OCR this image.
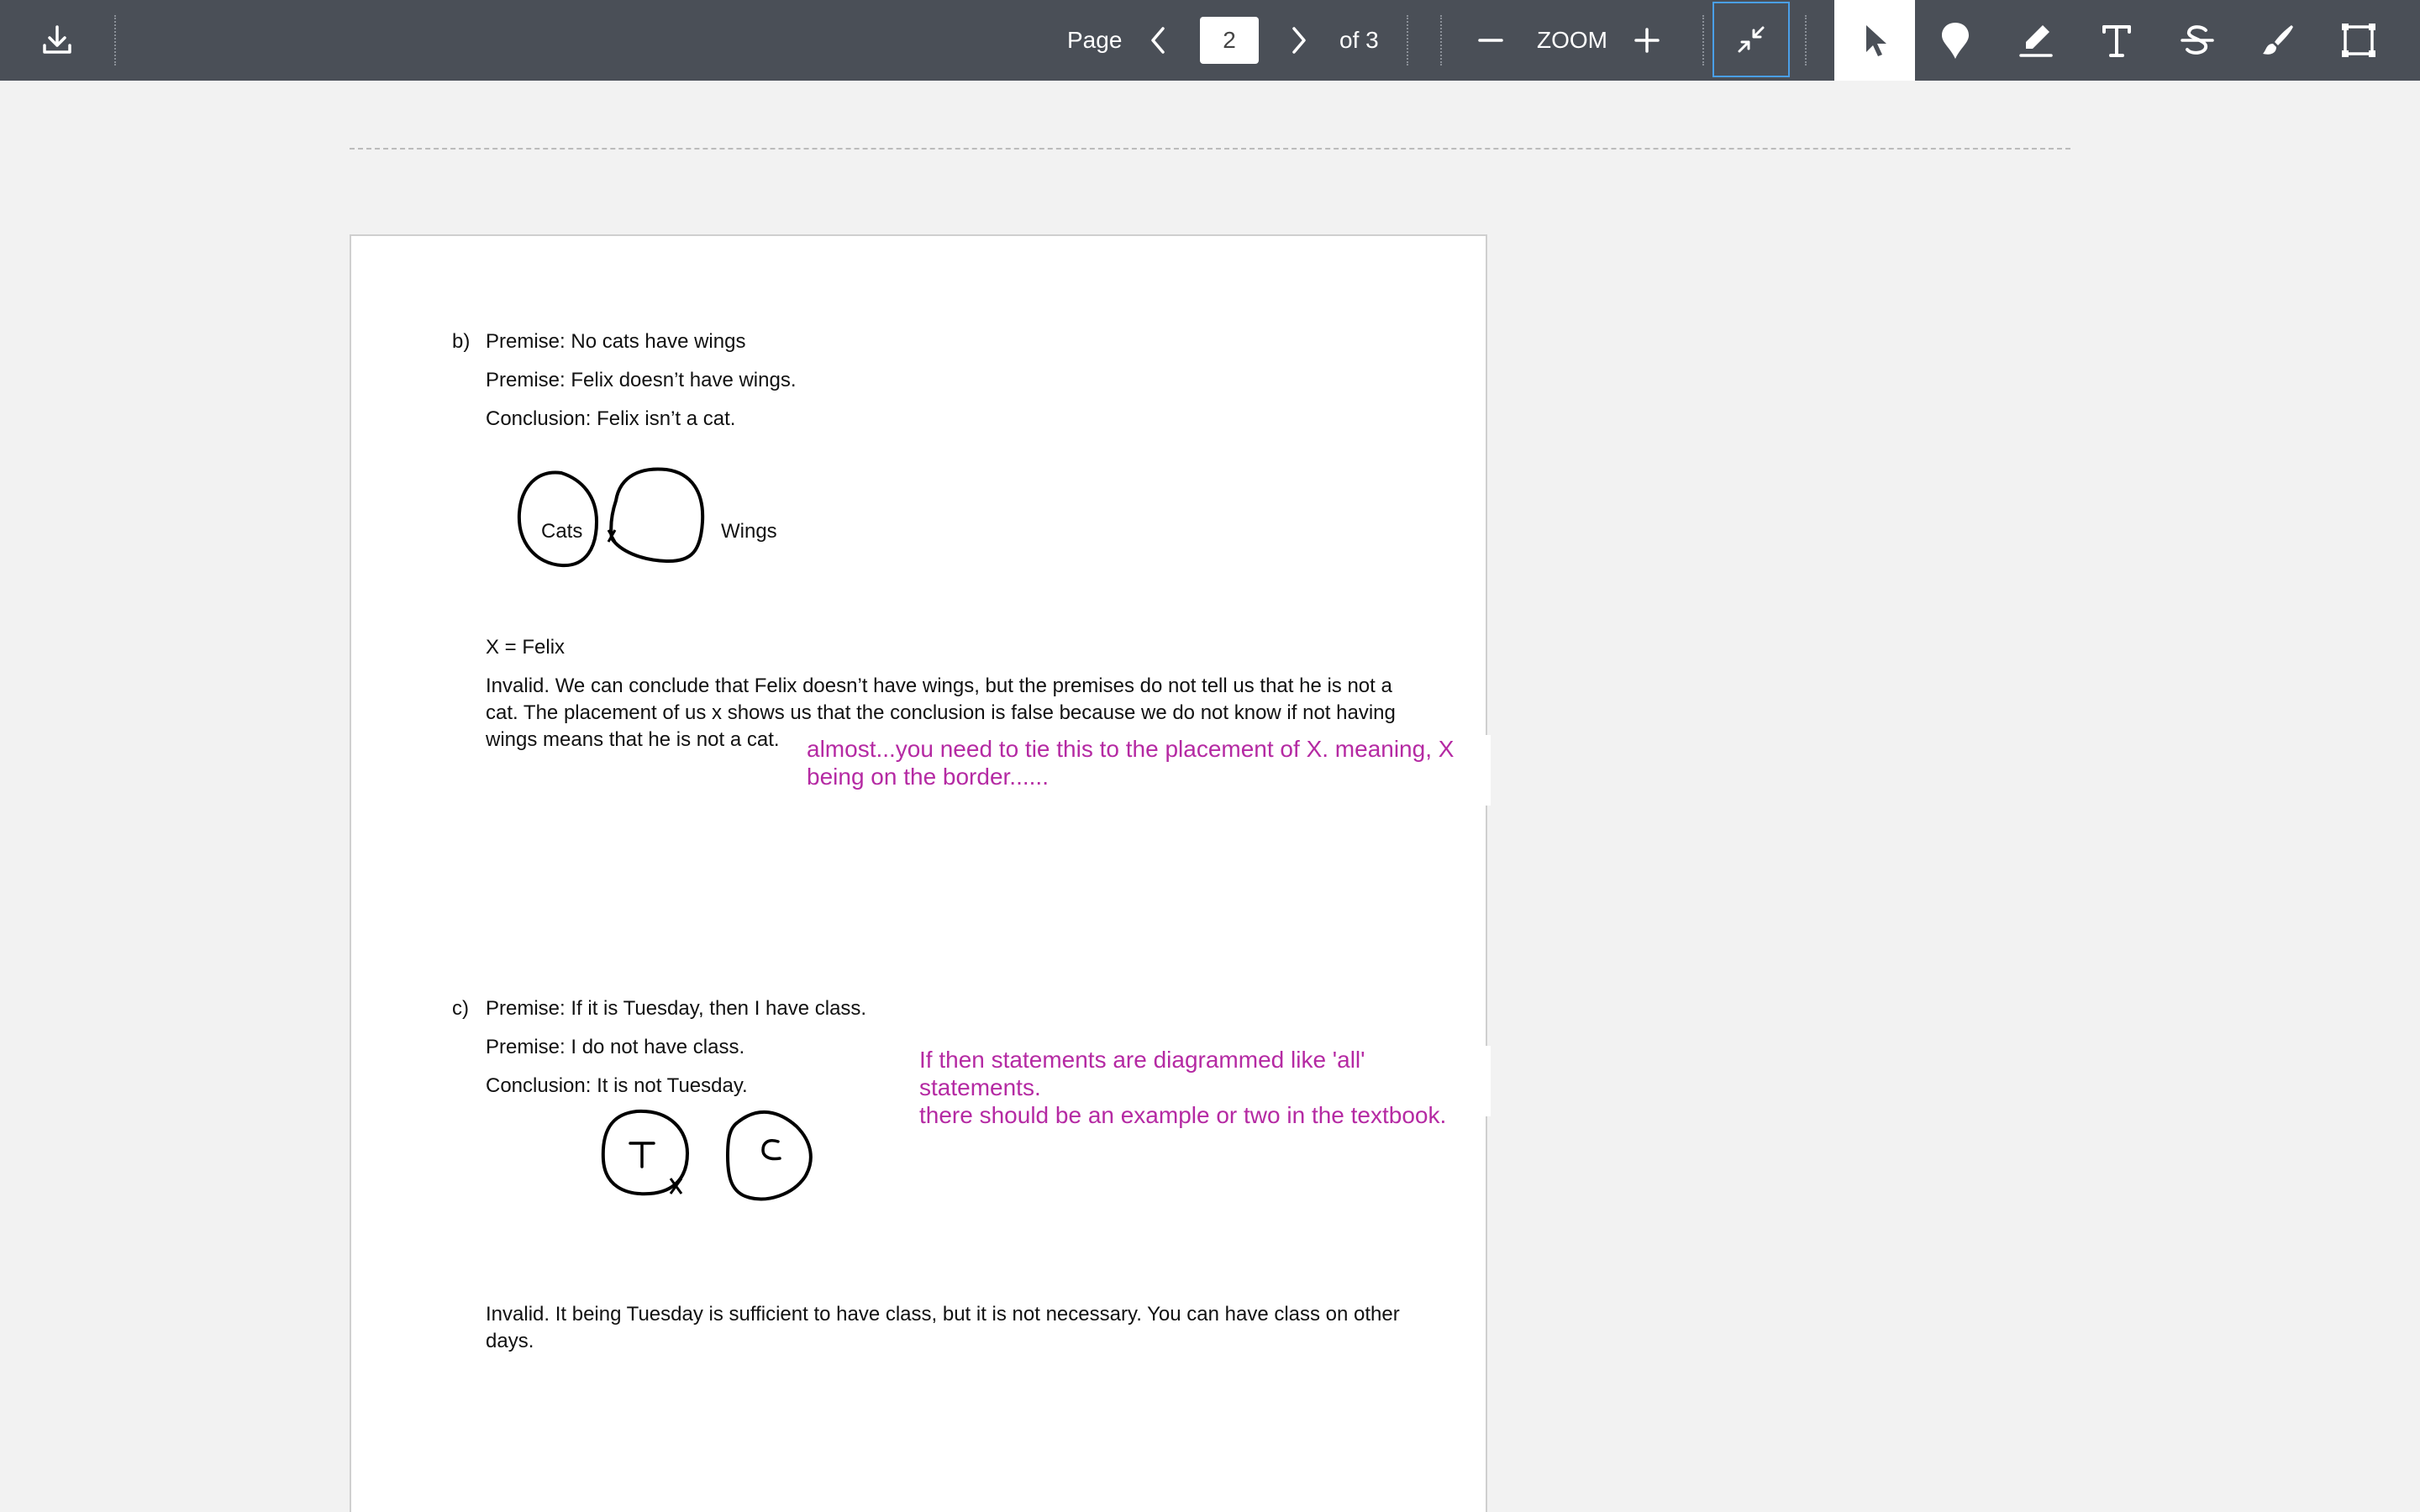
Page	2	of 3	ZOOM
b) Premise: No cats have wings
Premise: Felix doesn’t have wings.
Conclusion: Felix isn’t a cat.
Cats	Wings
X = Felix
Invalid. We can conclude that Felix doesn’t have wings, but the premises do not tell us that he is not a
cat. The placement of us x shows us that the conclusion is false because we do not know if not having
wings means that he is not a cat.
c) Premise: If it is Tuesday, then I have class.
Premise: I do not have class.
Conclusion: It is not Tuesday.
Invalid. It being Tuesday is sufficient to have class, but it is not necessary. You can have class on other
days.
almost...you need to tie this to the placement of X. meaning, X
being on the border......
If then statements are diagrammed like 'all' statements.
there should be an example or two in the textbook.
